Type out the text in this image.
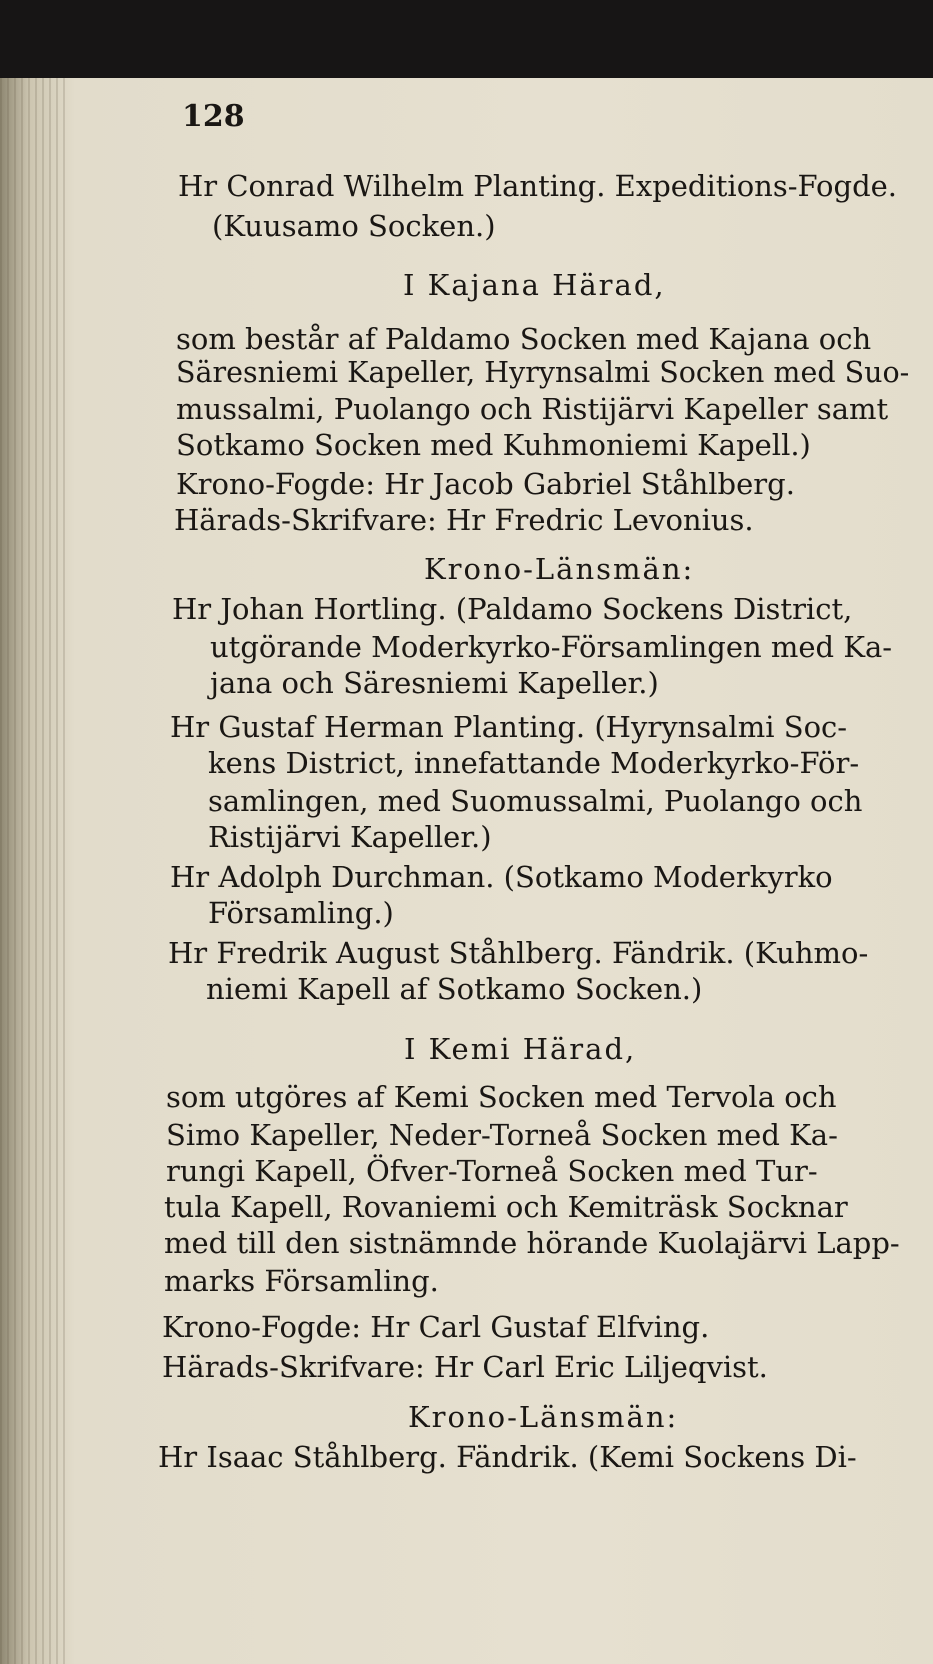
128
Hr Conrad Wilhelm Planting. Expeditions-Fogde.
(Kuusamo Socken.)
I Kajana Härad,
som består af Paldamo Socken med Kajana och
Säresniemi Kapeller, Hyrynsalmi Socken med Suo-
mussalmi, Puolango och Ristijärvi Kapeller samt
Sotkamo Socken med Kuhmoniemi Kapell.)
Krono-Fogde: Hr Jacob Gabriel Ståhlberg.
Härads-Skrifvare: Hr Fredric Levonius.
Krono-Länsmän:
Hr Johan Hortling. (Paldamo Sockens District,
utgörande Moderkyrko-Församlingen med Ka-
jana och Säresniemi Kapeller.)
Hr Gustaf Herman Planting. (Hyrynsalmi Soc-
kens District, innefattande Moderkyrko-För-
samlingen, med Suomussalmi, Puolango och
Ristijärvi Kapeller.)
Hr Adolph Durchman. (Sotkamo Moderkyrko
Församling.)
Hr Fredrik August Ståhlberg. Fändrik. (Kuhmo-
niemi Kapell af Sotkamo Socken.)
I Kemi Härad,
som utgöres af Kemi Socken med Tervola och
Simo Kapeller, Neder-Torneå Socken med Ka-
rungi Kapell, Öfver-Torneå Socken med Tur-
tula Kapell, Rovaniemi och Kemiträsk Socknar
med till den sistnämnde hörande Kuolajärvi Lapp-
marks Församling.
Krono-Fogde: Hr Carl Gustaf Elfving.
Härads-Skrifvare: Hr Carl Eric Liljeqvist.
Krono-Länsmän:
Hr Isaac Ståhlberg. Fändrik. (Kemi Sockens Di-
